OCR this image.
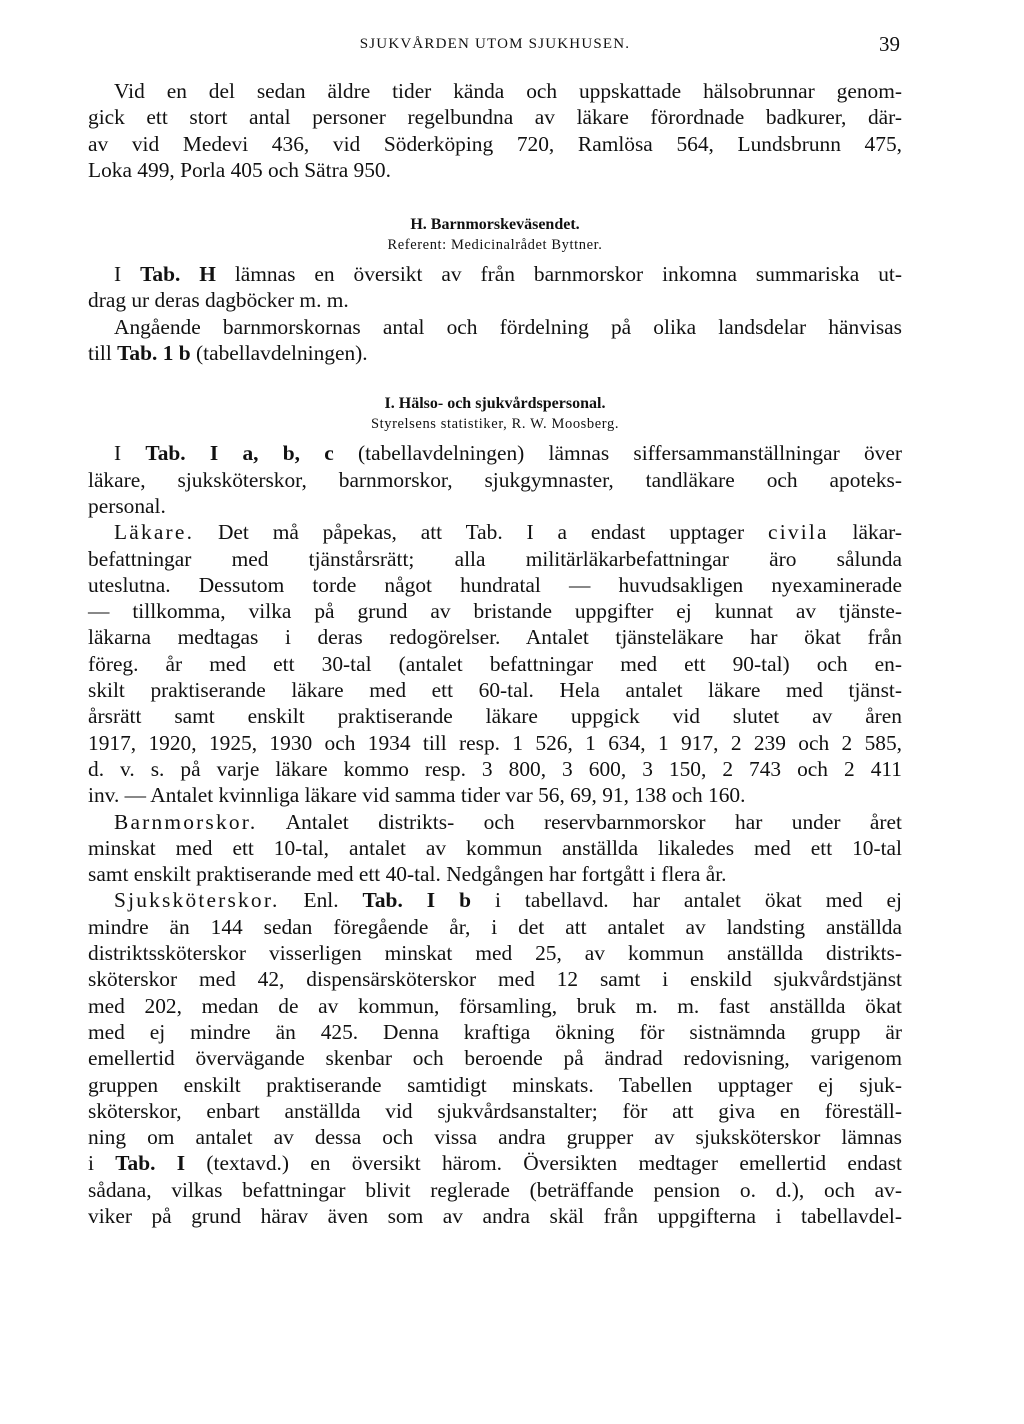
SJUKVÅRDEN UTOM SJUKHUSEN.	39

Vid en del sedan äldre tider kända och uppskattade hälsobrunnar genom-

gick ett stort antal personer regelbundna av läkare förordnade badkurer, där-

av vid Medevi 436, vid Söderköping 720, Ramlösa 564, Lundsbrunn 475,

Loka 499, Porla 405 och Sätra 950.

H. Barnmorskeväsendet.
Referent: Medicinalrådet Byttner.

I Tab. H lämnas en översikt av från barnmorskor inkomna summariska ut-

drag ur deras dagböcker m. m.

Angående barnmorskornas antal och fördelning på olika landsdelar hänvisas

till Tab. 1 b (tabellavdelningen).

I. Hälso- och sjukvårdspersonal.
Styrelsens statistiker, R. W. Moosberg.

I Tab. I a, b, c (tabellavdelningen) lämnas siffersammanställningar över

läkare, sjuksköterskor, barnmorskor, sjukgymnaster, tandläkare och apoteks-

personal.

Läkare. Det må påpekas, att Tab. I a endast upptager civila läkar-

befattningar med tjänstårsrätt; alla militärläkarbefattningar äro sålunda

uteslutna. Dessutom torde något hundratal — huvudsakligen nyexaminerade

— tillkomma, vilka på grund av bristande uppgifter ej kunnat av tjänste-

läkarna medtagas i deras redogörelser. Antalet tjänsteläkare har ökat från

föreg. år med ett 30-tal (antalet befattningar med ett 90-tal) och en-

skilt praktiserande läkare med ett 60-tal. Hela antalet läkare med tjänst-

årsrätt samt enskilt praktiserande läkare uppgick vid slutet av åren

1917, 1920, 1925, 1930 och 1934 till resp. 1 526, 1 634, 1 917, 2 239 och 2 585,

d. v. s. på varje läkare kommo resp. 3 800, 3 600, 3 150, 2 743 och 2 411

inv. — Antalet kvinnliga läkare vid samma tider var 56, 69, 91, 138 och 160.

Barnmorskor. Antalet distrikts- och reservbarnmorskor har under året

minskat med ett 10-tal, antalet av kommun anställda likaledes med ett 10-tal

samt enskilt praktiserande med ett 40-tal. Nedgången har fortgått i flera år.

Sjuksköterskor. Enl. Tab. I b i tabellavd. har antalet ökat med ej

mindre än 144 sedan föregående år, i det att antalet av landsting anställda

distriktssköterskor visserligen minskat med 25, av kommun anställda distrikts-

sköterskor med 42, dispensärsköterskor med 12 samt i enskild sjukvårdstjänst

med 202, medan de av kommun, församling, bruk m. m. fast anställda ökat

med ej mindre än 425. Denna kraftiga ökning för sistnämnda grupp är

emellertid övervägande skenbar och beroende på ändrad redovisning, varigenom

gruppen enskilt praktiserande samtidigt minskats. Tabellen upptager ej sjuk-

sköterskor, enbart anställda vid sjukvårdsanstalter; för att giva en föreställ-

ning om antalet av dessa och vissa andra grupper av sjuksköterskor lämnas

i Tab. I (textavd.) en översikt härom. Översikten medtager emellertid endast

sådana, vilkas befattningar blivit reglerade (beträffande pension o. d.), och av-

viker på grund härav även som av andra skäl från uppgifterna i tabellavdel-
